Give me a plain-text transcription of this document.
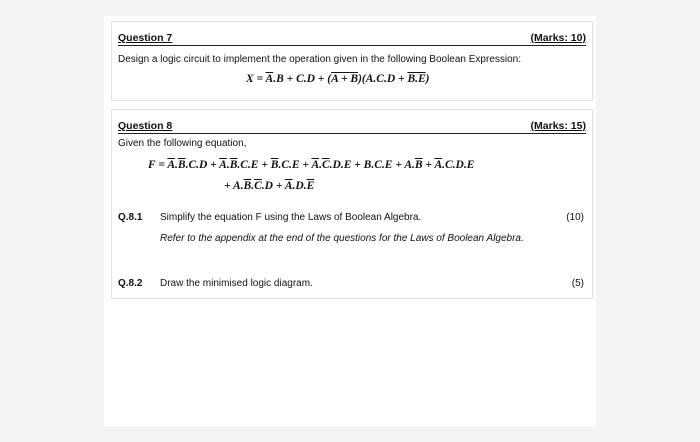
Question 7	(Marks: 10)
Design a logic circuit to implement the operation given in the following Boolean Expression:
$X = \overline{A}.B + C.D + (A + B)(A.C.D + B.E)$
Question 8	(Marks: 15)
Given the following equation,
$F = \overline{A}.\overline{B}.C.D + \overline{A}.\overline{B}.C.E + \overline{B}.C.E + \overline{A}.\overline{C}.D.E + B.C.E + A.\overline{B} + \overline{A}.C.D.E$
+ $A.\overline{B}.\overline{C}.D + \overline{A}.D.\overline{E}$
Q.8.1 Simplify the equation F using the Laws of Boolean Algebra.	(10)
Refer to the appendix at the end of the questions for the Laws of Boolean Algebra.
Q.8.2 Draw the minimised logic diagram.	(5)
